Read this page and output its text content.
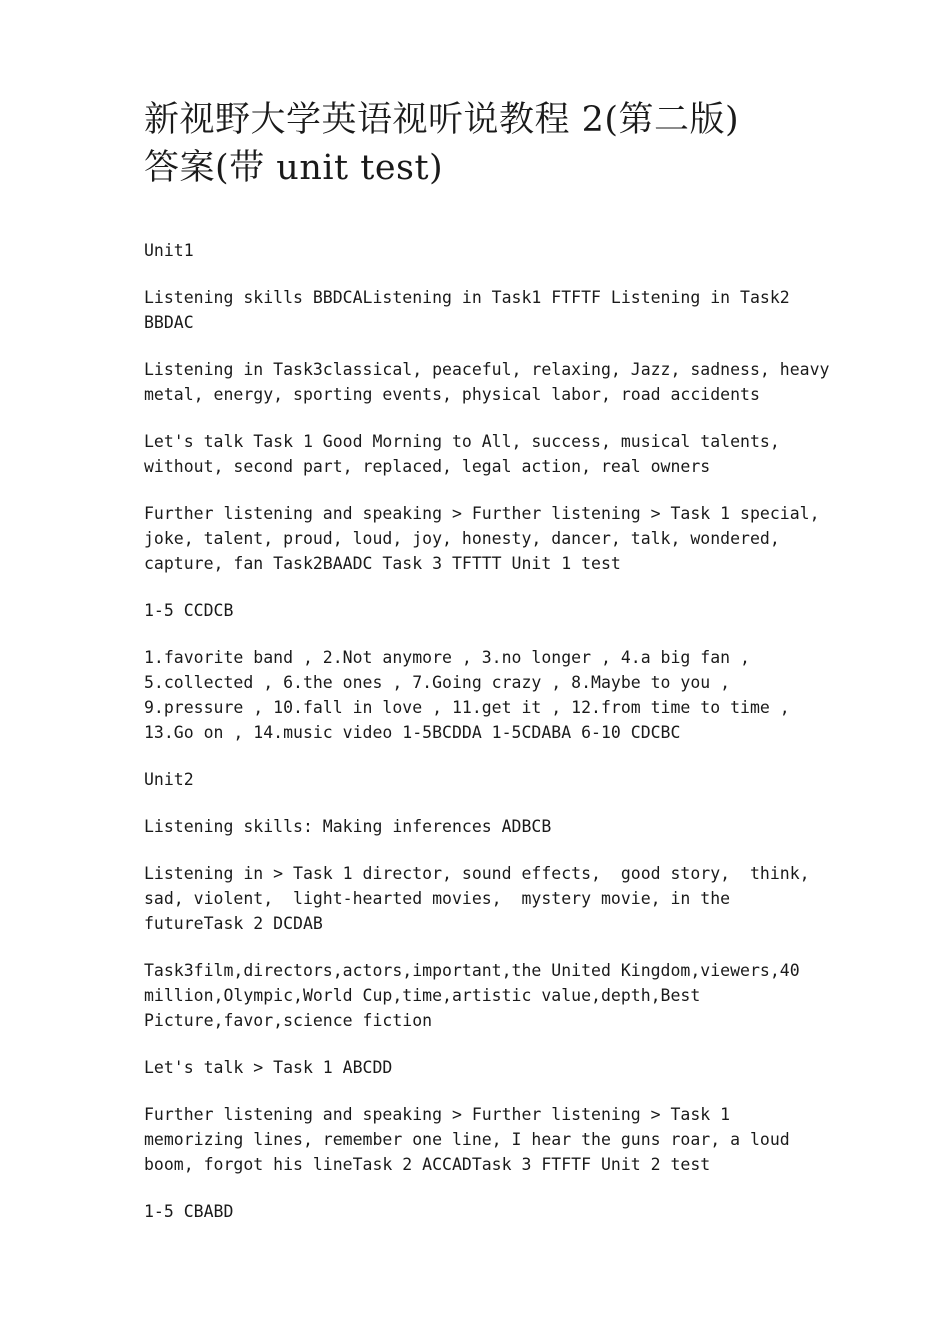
新视野大学英语视听说教程 2(第二版)
答案(带 unit test)

Unit1

Listening skills BBDCAListening in Task1 FTFTF Listening in Task2
BBDAC

Listening in Task3classical, peaceful, relaxing, Jazz, sadness, heavy
metal, energy, sporting events, physical labor, road accidents

Let's talk Task 1 Good Morning to All, success, musical talents,
without, second part, replaced, legal action, real owners

Further listening and speaking > Further listening > Task 1 special,
joke, talent, proud, loud, joy, honesty, dancer, talk, wondered,
capture, fan Task2BAADC Task 3 TFTTT Unit 1 test

1-5 CCDCB

1.favorite band , 2.Not anymore , 3.no longer , 4.a big fan ,
5.collected , 6.the ones , 7.Going crazy , 8.Maybe to you ,
9.pressure , 10.fall in love , 11.get it , 12.from time to time ,
13.Go on , 14.music video 1-5BCDDA 1-5CDABA 6-10 CDCBC

Unit2

Listening skills: Making inferences ADBCB

Listening in > Task 1 director, sound effects,  good story,  think,
sad, violent,  light-hearted movies,  mystery movie, in the
futureTask 2 DCDAB

Task3film,directors,actors,important,the United Kingdom,viewers,40
million,Olympic,World Cup,time,artistic value,depth,Best
Picture,favor,science fiction

Let's talk > Task 1 ABCDD

Further listening and speaking > Further listening > Task 1
memorizing lines, remember one line, I hear the guns roar, a loud
boom, forgot his lineTask 2 ACCADTask 3 FTFTF Unit 2 test

1-5 CBABD
